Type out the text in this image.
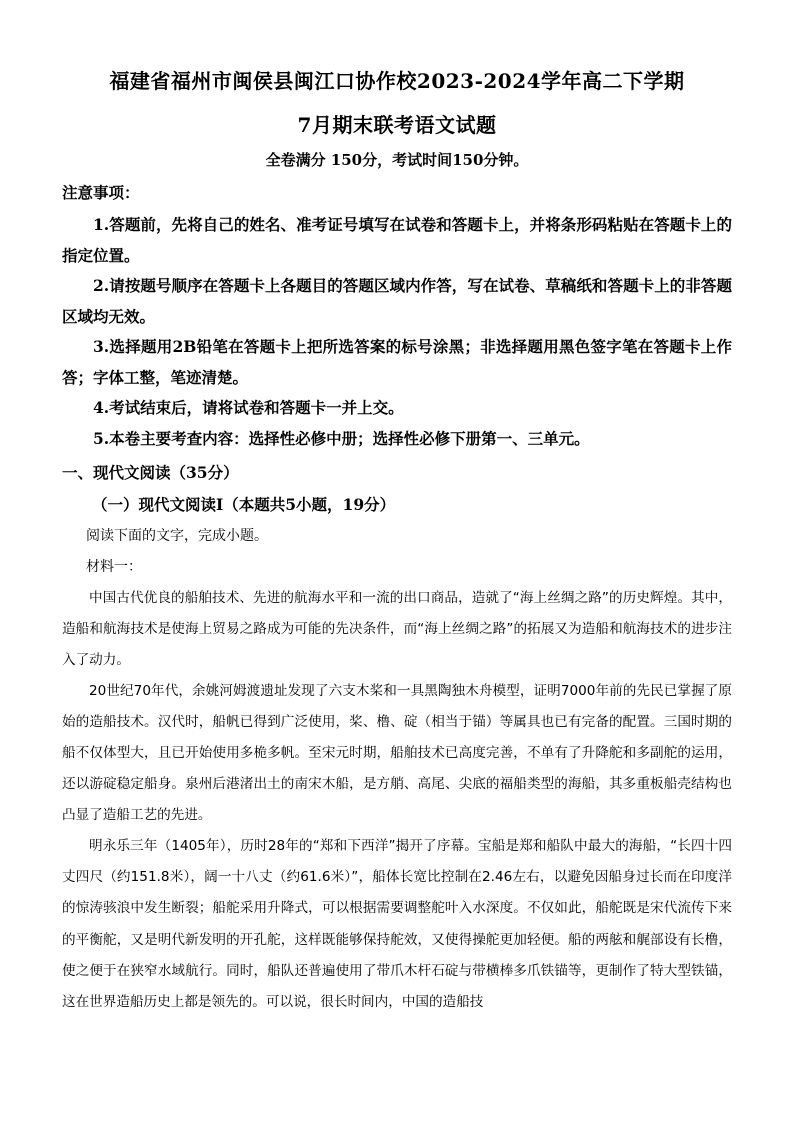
福建省福州市闽侯县闽江口协作校2023-2024学年高二下学期
7月期末联考语文试题
全卷满分 150分，考试时间150分钟。
注意事项：

1.答题前，先将自己的姓名、准考证号填写在试卷和答题卡上，并将条形码粘贴在答题卡上的指定位置。

2.请按题号顺序在答题卡上各题目的答题区域内作答，写在试卷、草稿纸和答题卡上的非答题区域均无效。

3.选择题用2B铅笔在答题卡上把所选答案的标号涂黑；非选择题用黑色签字笔在答题卡上作答；字体工整，笔迹清楚。

4.考试结束后，请将试卷和答题卡一并上交。

5.本卷主要考查内容：选择性必修中册；选择性必修下册第一、三单元。

一、现代文阅读（35分）
（一）现代文阅读Ⅰ（本题共5小题，19分）
阅读下面的文字，完成小题。
材料一：

中国古代优良的船舶技术、先进的航海水平和一流的出口商品，造就了“海上丝绸之路”的历史辉煌。其中，造船和航海技术是使海上贸易之路成为可能的先决条件，而“海上丝绸之路”的拓展又为造船和航海技术的进步注入了动力。

20世纪70年代，余姚河姆渡遗址发现了六支木桨和一具黑陶独木舟模型，证明7000年前的先民已掌握了原始的造船技术。汉代时，船帆已得到广泛使用，桨、橹、碇（相当于锚）等属具也已有完备的配置。三国时期的船不仅体型大，且已开始使用多桅多帆。至宋元时期，船舶技术已高度完善，不单有了升降舵和多副舵的运用，还以游碇稳定船身。泉州后港渚出土的南宋木船，是方艄、高尾、尖底的福船类型的海船，其多重板船壳结构也凸显了造船工艺的先进。

明永乐三年（1405年），历时28年的“郑和下西洋”揭开了序幕。宝船是郑和船队中最大的海船，“长四十四丈四尺（约151.8米），阔一十八丈（约61.6米）”，船体长宽比控制在2.46左右，以避免因船身过长而在印度洋的惊涛骇浪中发生断裂；船舵采用升降式，可以根据需要调整舵叶入水深度。不仅如此，船舵既是宋代流传下来的平衡舵，又是明代新发明的开孔舵，这样既能够保持舵效，又使得操舵更加轻便。船的两舷和艉部设有长橹，使之便于在狭窄水域航行。同时，船队还普遍使用了带爪木杆石碇与带横棒多爪铁锚等，更制作了特大型铁锚，这在世界造船历史上都是领先的。可以说，很长时间内，中国的造船技
